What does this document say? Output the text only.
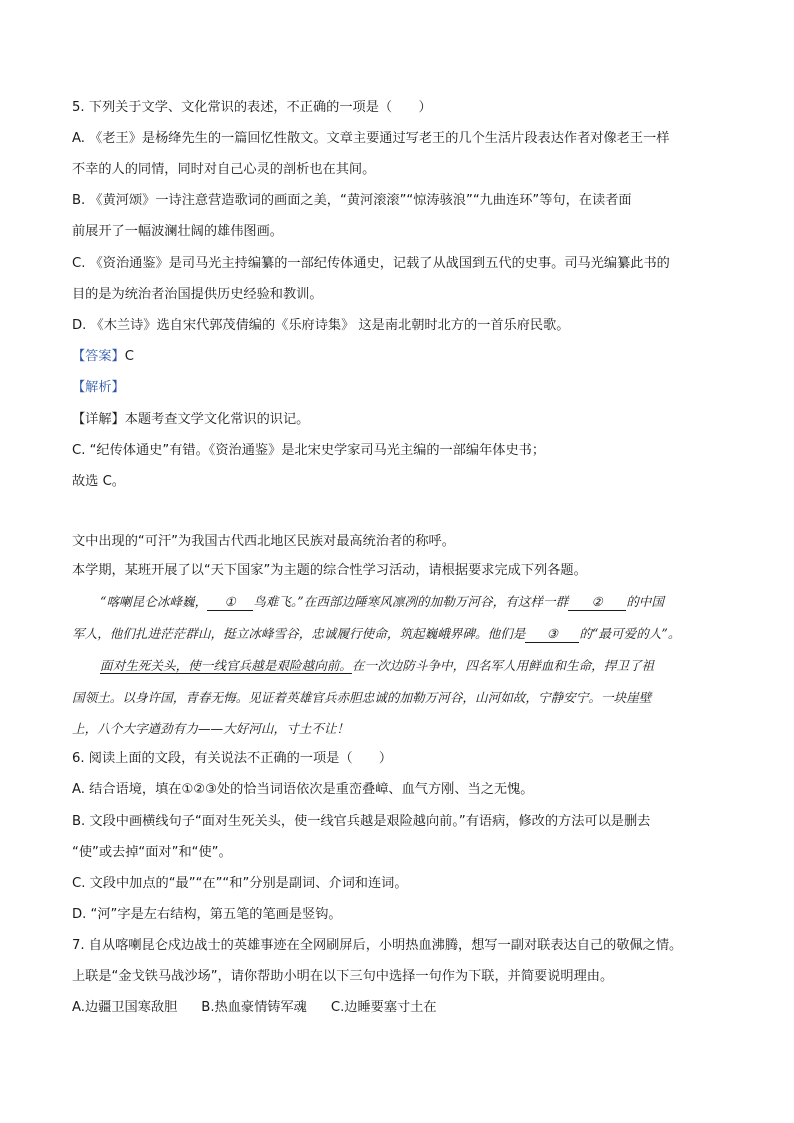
5. 下列关于文学、文化常识的表述，不正确的一项是（　　）
A. 《老王》是杨绛先生的一篇回忆性散文。文章主要通过写老王的几个生活片段表达作者对像老王一样
不幸的人的同情，同时对自己心灵的剖析也在其间。
B. 《黄河颂》一诗注意营造歌词的画面之美，“黄河滚滚”“惊涛骇浪”“九曲连环”等句，在读者面
前展开了一幅波澜壮阔的雄伟图画。
C. 《资治通鉴》是司马光主持编纂的一部纪传体通史，记载了从战国到五代的史事。司马光编纂此书的
目的是为统治者治国提供历史经验和教训。
D. 《木兰诗》选自宋代郭茂倩编的《乐府诗集》 这是南北朝时北方的一首乐府民歌。
【答案】C
【解析】
【详解】本题考查文学文化常识的识记。
C. “纪传体通史”有错。《资治通鉴》是北宋史学家司马光主编的一部编年体史书；
故选 C。
文中出现的“可汗”为我国古代西北地区民族对最高统治者的称呼。
本学期，某班开展了以“天下国家”为主题的综合性学习活动，请根据要求完成下列各题。
“喀喇昆仑冰峰巍， ① 鸟难飞。”在西部边陲寒风凛冽的加勒万河谷，有这样一群 ② 的中国
军人，他们扎进茫茫群山，挺立冰峰雪谷，忠诚履行使命，筑起巍峨界碑。他们是 ③ 的“最可爱的人”。
面对生死关头，使一线官兵越是艰险越向前。在一次边防斗争中，四名军人用鲜血和生命，捍卫了祖
国领土。以身许国，青春无悔。见证着英雄官兵赤胆忠诚的加勒万河谷，山河如故，宁静安宁。一块崖壁
上，八个大字遒劲有力——大好河山，寸土不让！
6. 阅读上面的文段，有关说法不正确的一项是（　　）
A. 结合语境，填在①②③处的恰当词语依次是重峦叠嶂、血气方刚、当之无愧。
B. 文段中画横线句子“面对生死关头，使一线官兵越是艰险越向前。”有语病，修改的方法可以是删去
“使”或去掉“面对”和“使”。
C. 文段中加点的“最”“在”“和”分别是副词、介词和连词。
D. “河”字是左右结构，第五笔的笔画是竖钩。
7. 自从喀喇昆仑戍边战士的英雄事迹在全网刷屏后，小明热血沸腾，想写一副对联表达自己的敬佩之情。
上联是“金戈铁马战沙场”，请你帮助小明在以下三句中选择一句作为下联，并简要说明理由。
A.边疆卫国寒敌胆 B.热血豪情铸军魂 C.边睡要塞寸土在
